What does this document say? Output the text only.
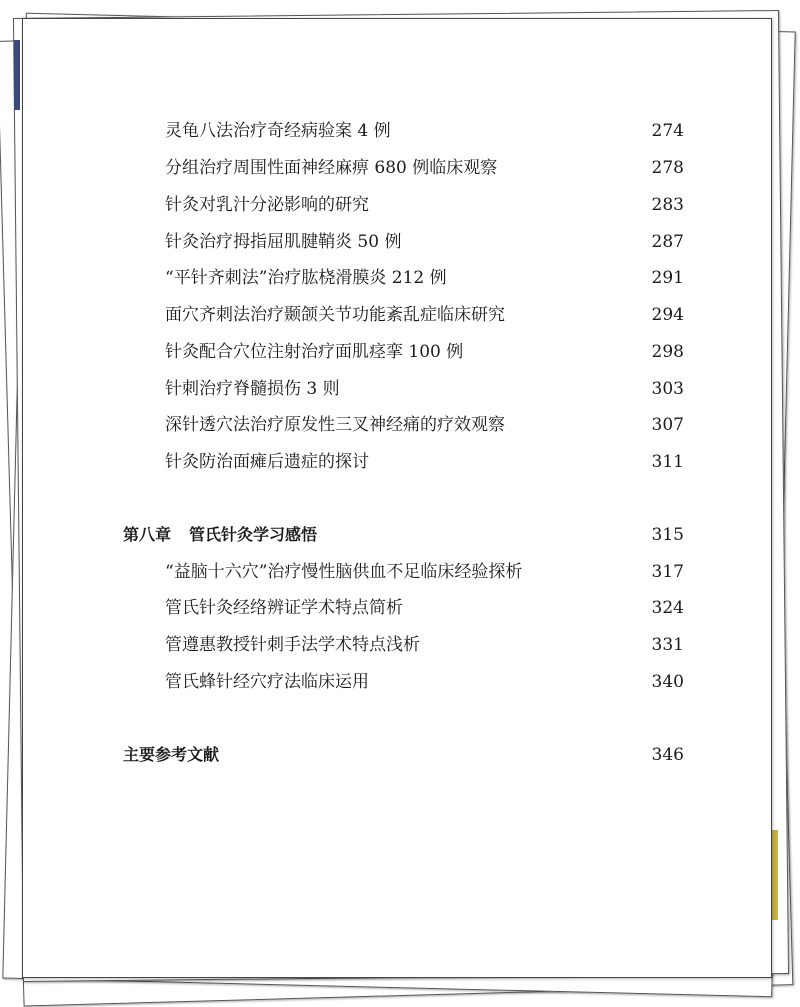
灵龟八法治疗奇经病验案 4 例	274
分组治疗周围性面神经麻痹 680 例临床观察	278
针灸对乳汁分泌影响的研究	283
针灸治疗拇指屈肌腱鞘炎 50 例	287
“平针齐刺法”治疗肱桡滑膜炎 212 例	291
面穴齐刺法治疗颞颌关节功能紊乱症临床研究	294
针灸配合穴位注射治疗面肌痉挛 100 例	298
针刺治疗脊髓损伤 3 则	303
深针透穴法治疗原发性三叉神经痛的疗效观察	307
针灸防治面瘫后遗症的探讨	311
第八章 管氏针灸学习感悟	315
“益脑十六穴”治疗慢性脑供血不足临床经验探析	317
管氏针灸经络辨证学术特点简析	324
管遵惠教授针刺手法学术特点浅析	331
管氏蜂针经穴疗法临床运用	340
主要参考文献	346
